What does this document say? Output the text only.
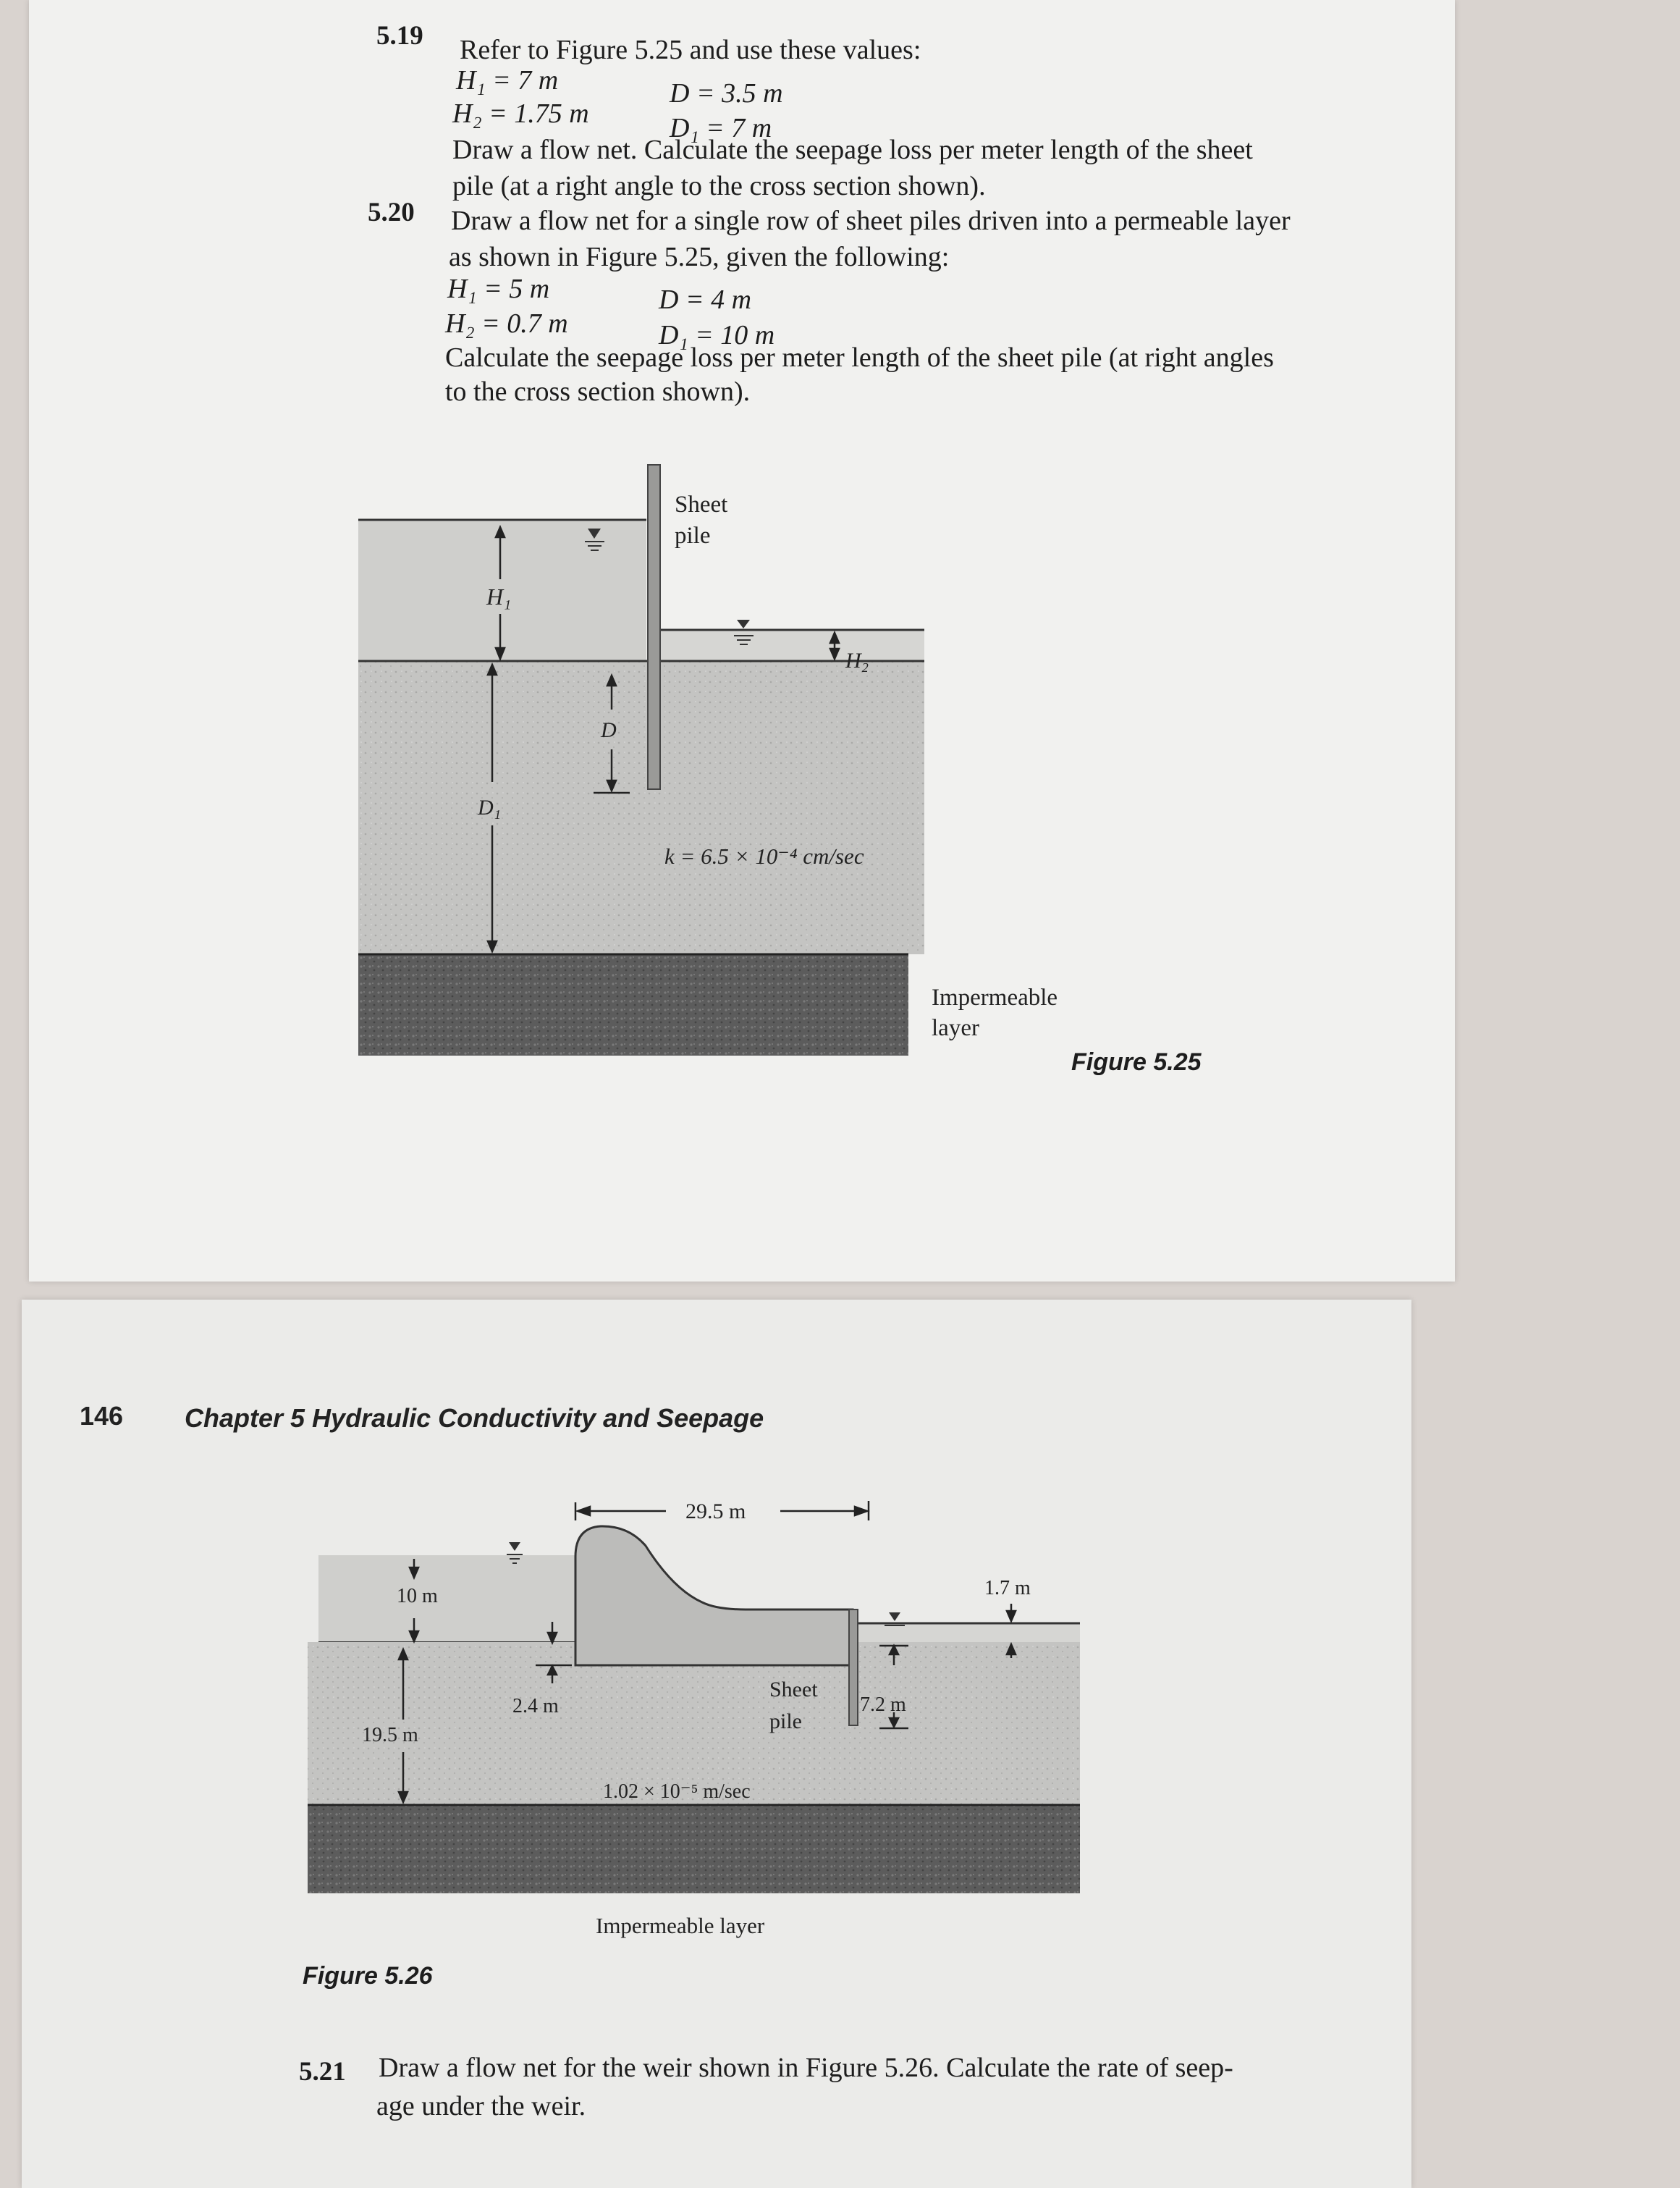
5.19 Refer to Figure 5.25 and use these values:
H₁ = 7 m	D = 3.5 m
H₂ = 1.75 m	D₁ = 7 m
Draw a flow net. Calculate the seepage loss per meter length of the sheet
pile (at a right angle to the cross section shown).
5.20 Draw a flow net for a single row of sheet piles driven into a permeable layer
as shown in Figure 5.25, given the following:
H₁ = 5 m	D = 4 m
H₂ = 0.7 m	D₁ = 10 m
Calculate the seepage loss per meter length of the sheet pile (at right angles
to the cross section shown).
H₁
H₂
D
D₁
Sheet
pile
k = 6.5 × 10⁻⁴ cm/sec
Impermeable
layer
Figure 5.25
146 Chapter 5 Hydraulic Conductivity and Seepage
29.5 m
10 m
19.5 m
2.4 m	7.2 m
1.7 m
Sheet
pile
1.02 × 10⁻⁵ m/sec
Impermeable layer
Figure 5.26
5.21 Draw a flow net for the weir shown in Figure 5.26. Calculate the rate of seep-
age under the weir.
